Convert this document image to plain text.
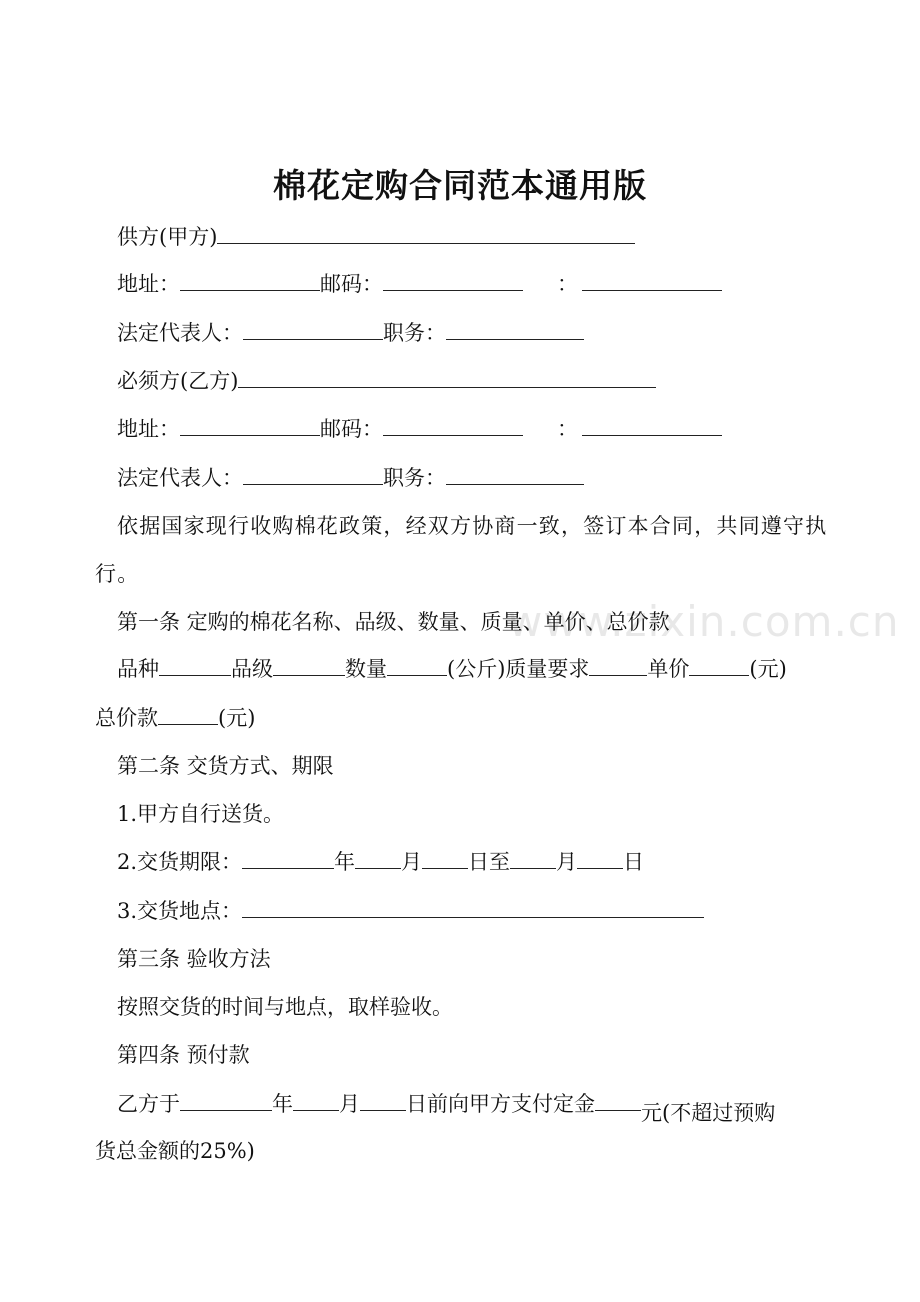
www.zixin.com.cn
棉花定购合同范本通用版
供方(甲方)
地址：	邮码：	：
法定代表人：	职务：
必须方(乙方)
地址：	邮码：	：
法定代表人：	职务：
依据国家现行收购棉花政策，经双方协商一致，签订本合同，共同遵守执行。
第一条 定购的棉花名称、品级、数量、质量、单价、总价款
品种	品级	数量	(公斤)质量要求	单价	(元)
总价款	(元)
第二条 交货方式、期限
1.甲方自行送货。
2.交货期限：	年 月 日至 月 日
3.交货地点：
第三条 验收方法
按照交货的时间与地点，取样验收。
第四条 预付款
乙方于	年 月 日前向甲方支付定金 元(不超过预购
货总金额的25%)
